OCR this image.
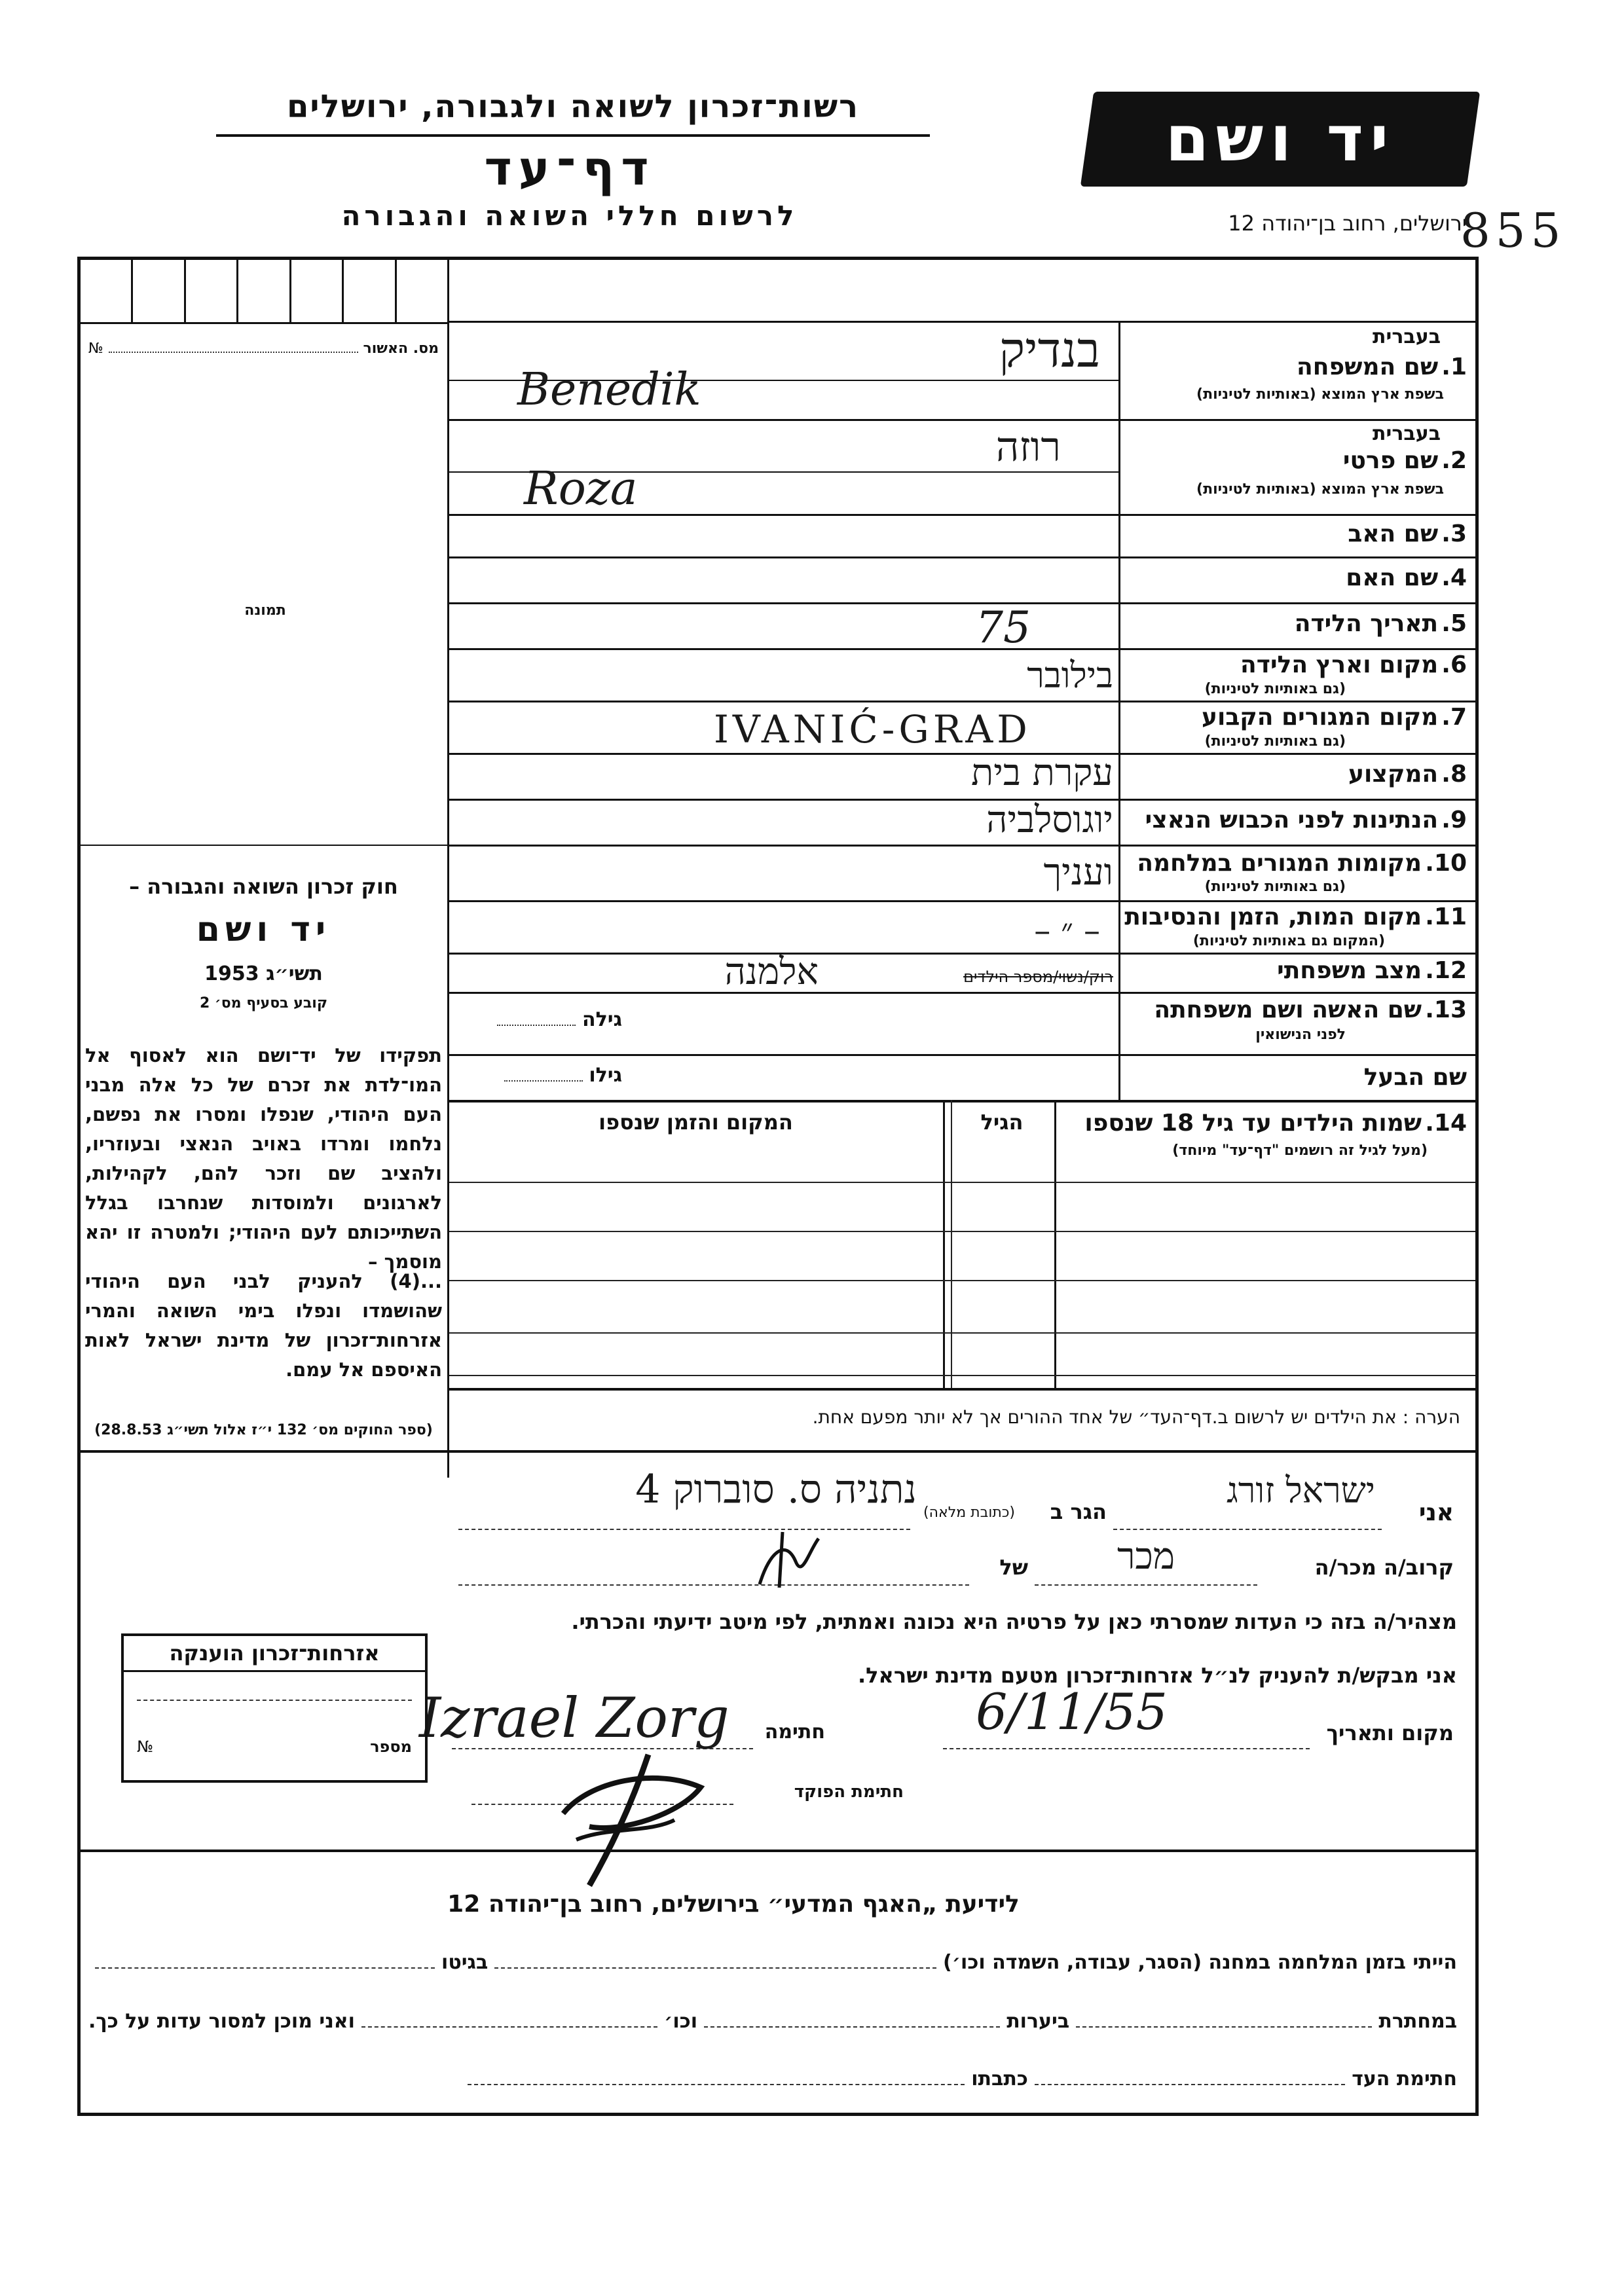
רשות־זכרון לשואה ולגבורה, ירושלים
דף־עד
לרשום חללי השואה והגבורה
יד ושם
ירושלים, רחוב בן־יהודה 12
855
מס. האשור
№
תמונה
חוק זכרון השואה והגבורה –
יד ושם
תשי״ג 1953
קובע בסעיף מס׳ 2
תפקידו של יד־ושם הוא לאסוף אל המו־לדת את זכרם של כל אלה מבני העם היהודי, שנפלו ומסרו את נפשם, נלחמו ומרדו באויב הנאצי ובעוזריו, ולהציב שם וזכר להם, לקהילות, לארגונים ולמוסדות שנחרבו בגלל השתייכותם לעם היהודי; ולמטרה זו יהא מוסמך –
...(4) להעניק לבני העם היהודי שהושמדו ונפלו בימי השואה והמרי אזרחות־זכרון של מדינת ישראל לאות האיספם אל עמם.
(ספר החוקים מס׳ 132 י״ז אלול תשי״ג 28.8.53)
בעברית
1. שם המשפחה
בשפת ארץ המוצא (באותיות לטיניות)
בנדיק
Benedik
בעברית
2. שם פרטי
בשפת ארץ המוצא (באותיות לטיניות)
רוזה
Roza
3. שם האב
4. שם האם
5. תאריך הלידה
75
6. מקום וארץ הלידה
(גם באותיות לטיניות)
בילובר
7. מקום המגורים הקבוע
(גם באותיות לטיניות)
IVANIĆ-GRAD
8. המקצוע
עקרת בית
9. הנתינות לפני הכבוש הנאצי
יוגוסלביה
10. מקומות המגורים במלחמה
(גם באותיות לטיניות)
ועניך
11. מקום המות, הזמן והנסיבות
(המקום גם באותיות לטיניות)
– ״ –
12. מצב משפחתי
רוק/נשוי/מספר הילדים
אלמנה
13. שם האשה ושם משפחתה
לפני הנישואין
גילה
שם הבעל
גילו
14. שמות הילדים עד גיל 18 שנספו
(מעל לגיל זה רושמים "דף־עד" מיוחד)
הגיל
המקום והזמן שנספו
הערה : את הילדים יש לרשום ב.דף־העד״ של אחד ההורים אך לא יותר מפעם אחת.
אני
ישראל זורג
הגר ב
(כתובת מלאה)
נתניה ס. סוברוק 4
קרוב/ה מכר/ה
מכר
של
מצהיר/ה בזה כי העדות שמסרתי כאן על פרטיה היא נכונה ואמתית, לפי מיטב ידיעתי והכרתי.
אני מבקש/ת להעניק לנ״ל אזרחות־זכרון מטעם מדינת ישראל.
מקום ותאריך
6/11/55
חתימה
Izrael Zorg
חתימת הפוקד
אזרחות־זכרון הוענקה
מספר
№
לידיעת „האגף המדעי״ בירושלים, רחוב בן־יהודה 12
הייתי בזמן המלחמה במחנה (הסגר, עבודה, השמדה וכו׳)
בגיטו
במחתרת
ביערות
וכו׳
ואני מוכן למסור עדות על כך.
חתימת העד
כתבתו
